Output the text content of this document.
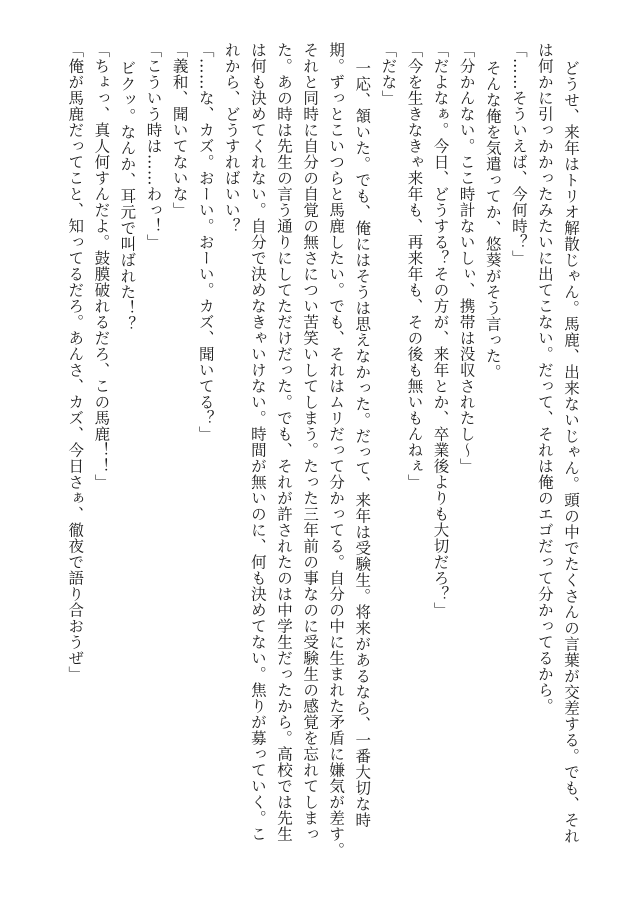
どうせ、来年はトリオ解散じゃん。馬鹿、出来ないじゃん。頭の中でたくさんの言葉が交差する。でも、それ
は何かに引っかかったみたいに出てこない。だって、それは俺のエゴだって分かってるから。
「……そういえば、今何時？」
そんな俺を気遣ってか、悠葵がそう言った。
「分かんない。ここ時計ないしぃ、携帯は没収されたし～」
「だよなぁ。今日、どうする？その方が、来年とか、卒業後よりも大切だろ？」
「今を生きなきゃ来年も、再来年も、その後も無いもんねぇ」
「だな」
一応、頷いた。でも、俺にはそうは思えなかった。だって、来年は受験生。将来があるなら、一番大切な時
期。ずっとこいつらと馬鹿したい。でも、それはムリだって分かってる。自分の中に生まれた矛盾に嫌気が差す。
それと同時に自分の自覚の無さについ苦笑いしてしまう。たった三年前の事なのに受験生の感覚を忘れてしまっ
た。あの時は先生の言う通りにしてただけだった。でも、それが許されたのは中学生だったから。高校では先生
は何も決めてくれない。自分で決めなきゃいけない。時間が無いのに、何も決めてない。焦りが募っていく。こ
れから、どうすればいい？
「……な、カズ。おーい。おーい。カズ、聞いてる？」
「義和、聞いてないな」
「こういう時は……わっ！」
ビクッ。なんか、耳元で叫ばれた！？
「ちょっ、真人何すんだよ。鼓膜破れるだろ、この馬鹿！！」
「俺が馬鹿だってこと、知ってるだろ。あんさ、カズ、今日さぁ、徹夜で語り合おうぜ」
